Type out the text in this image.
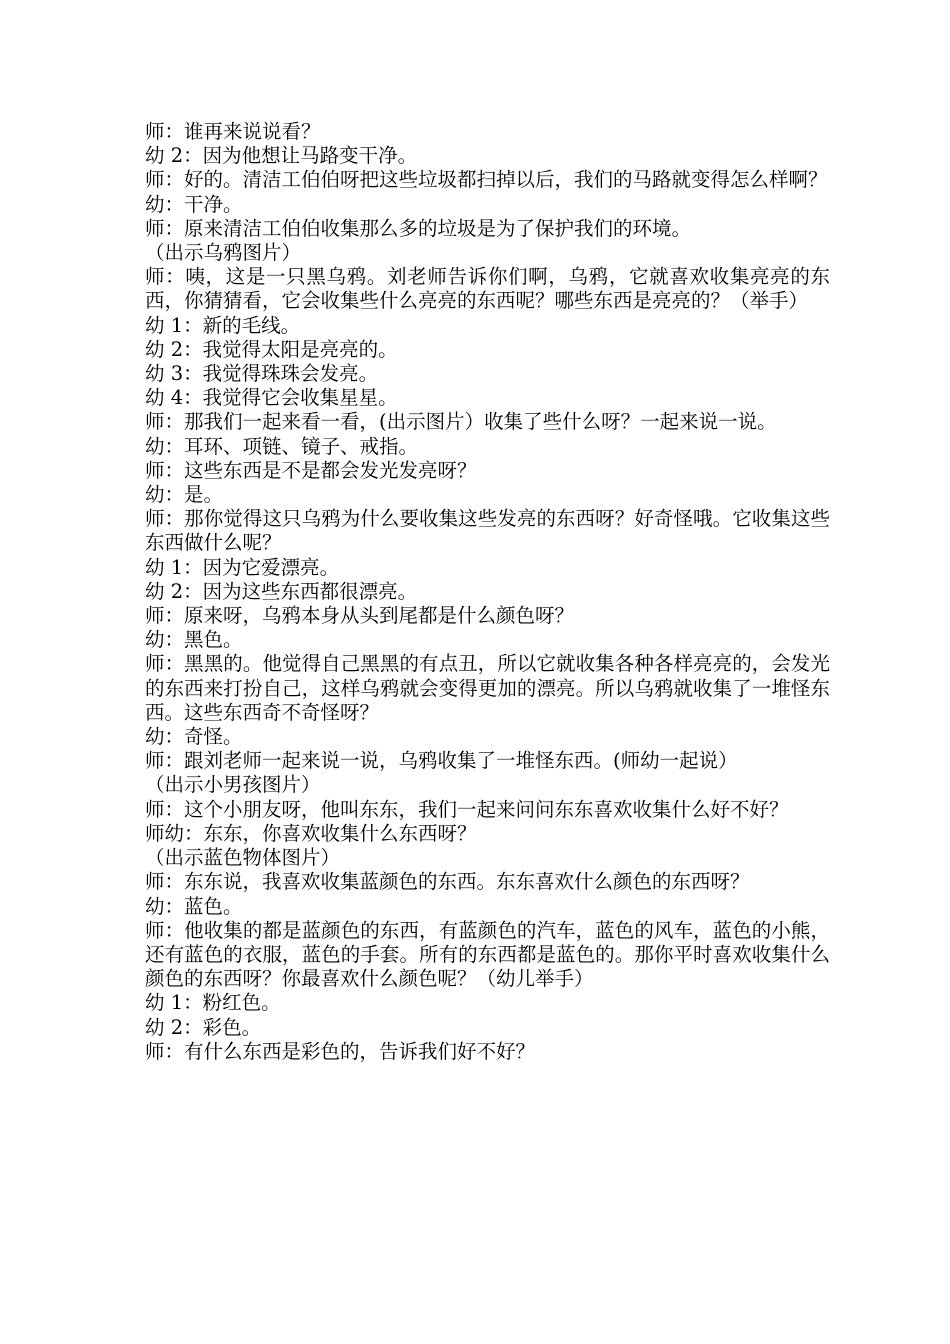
师：谁再来说说看？

幼 2：因为他想让马路变干净。

师：好的。清洁工伯伯呀把这些垃圾都扫掉以后，我们的马路就变得怎么样啊？

幼：干净。

师：原来清洁工伯伯收集那么多的垃圾是为了保护我们的环境。

（出示乌鸦图片）

师：咦，这是一只黑乌鸦。刘老师告诉你们啊，乌鸦，它就喜欢收集亮亮的东西，你猜猜看，它会收集些什么亮亮的东西呢？哪些东西是亮亮的？（举手）

幼 1：新的毛线。

幼 2：我觉得太阳是亮亮的。

幼 3：我觉得珠珠会发亮。

幼 4：我觉得它会收集星星。

师：那我们一起来看一看，(出示图片）收集了些什么呀？一起来说一说。

幼：耳环、项链、镜子、戒指。

师：这些东西是不是都会发光发亮呀？

幼：是。

师：那你觉得这只乌鸦为什么要收集这些发亮的东西呀？好奇怪哦。它收集这些东西做什么呢？

幼 1：因为它爱漂亮。

幼 2：因为这些东西都很漂亮。

师：原来呀，乌鸦本身从头到尾都是什么颜色呀？

幼：黑色。

师：黑黑的。他觉得自己黑黑的有点丑，所以它就收集各种各样亮亮的，会发光的东西来打扮自己，这样乌鸦就会变得更加的漂亮。所以乌鸦就收集了一堆怪东西。这些东西奇不奇怪呀？

幼：奇怪。

师：跟刘老师一起来说一说，乌鸦收集了一堆怪东西。(师幼一起说）

（出示小男孩图片）

师：这个小朋友呀，他叫东东，我们一起来问问东东喜欢收集什么好不好？

师幼：东东，你喜欢收集什么东西呀？

（出示蓝色物体图片）

师：东东说，我喜欢收集蓝颜色的东西。东东喜欢什么颜色的东西呀？

幼：蓝色。

师：他收集的都是蓝颜色的东西，有蓝颜色的汽车，蓝色的风车，蓝色的小熊，还有蓝色的衣服，蓝色的手套。所有的东西都是蓝色的。那你平时喜欢收集什么颜色的东西呀？你最喜欢什么颜色呢？（幼儿举手）

幼 1：粉红色。

幼 2：彩色。

师：有什么东西是彩色的，告诉我们好不好？
